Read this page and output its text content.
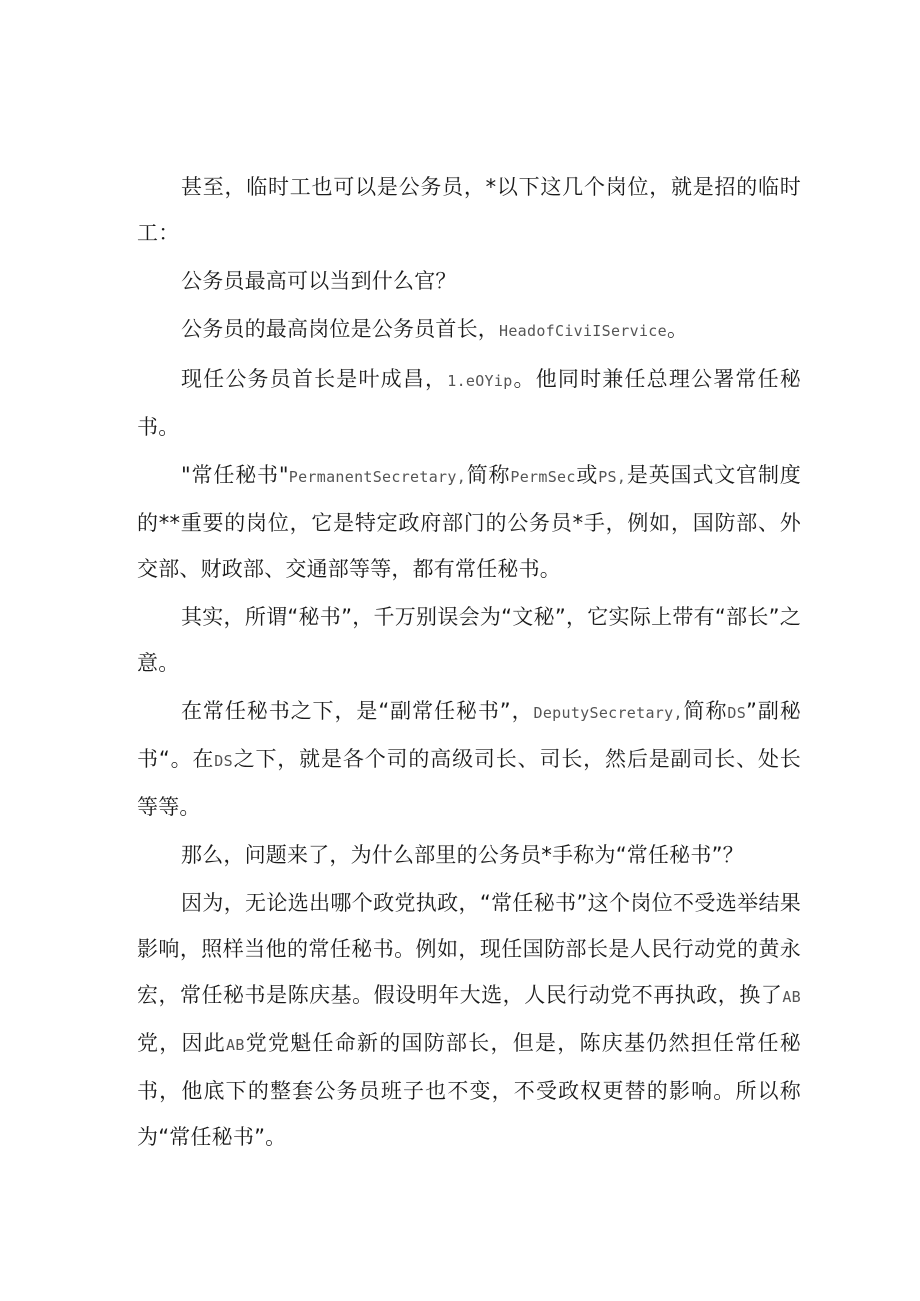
甚至，临时工也可以是公务员，*以下这几个岗位，就是招的临时工：

公务员最高可以当到什么官？

公务员的最高岗位是公务员首长，HeadofCiviIService。

现任公务员首长是叶成昌，1.eOYip。他同时兼任总理公署常任秘书。

"常任秘书"PermanentSecretary,简称PermSec或PS,是英国式文官制度的**重要的岗位，它是特定政府部门的公务员*手，例如，国防部、外交部、财政部、交通部等等，都有常任秘书。

其实，所谓“秘书”，千万别误会为“文秘”，它实际上带有“部长”之意。

在常任秘书之下，是“副常任秘书”，DeputySecretary,简称DS”副秘书“。在DS之下，就是各个司的高级司长、司长，然后是副司长、处长等等。

那么，问题来了，为什么部里的公务员*手称为“常任秘书”？

因为，无论选出哪个政党执政，“常任秘书”这个岗位不受选举结果影响，照样当他的常任秘书。例如，现任国防部长是人民行动党的黄永宏，常任秘书是陈庆基。假设明年大选，人民行动党不再执政，换了AB党，因此AB党党魁任命新的国防部长，但是，陈庆基仍然担任常任秘书，他底下的整套公务员班子也不变，不受政权更替的影响。所以称为“常任秘书”。
